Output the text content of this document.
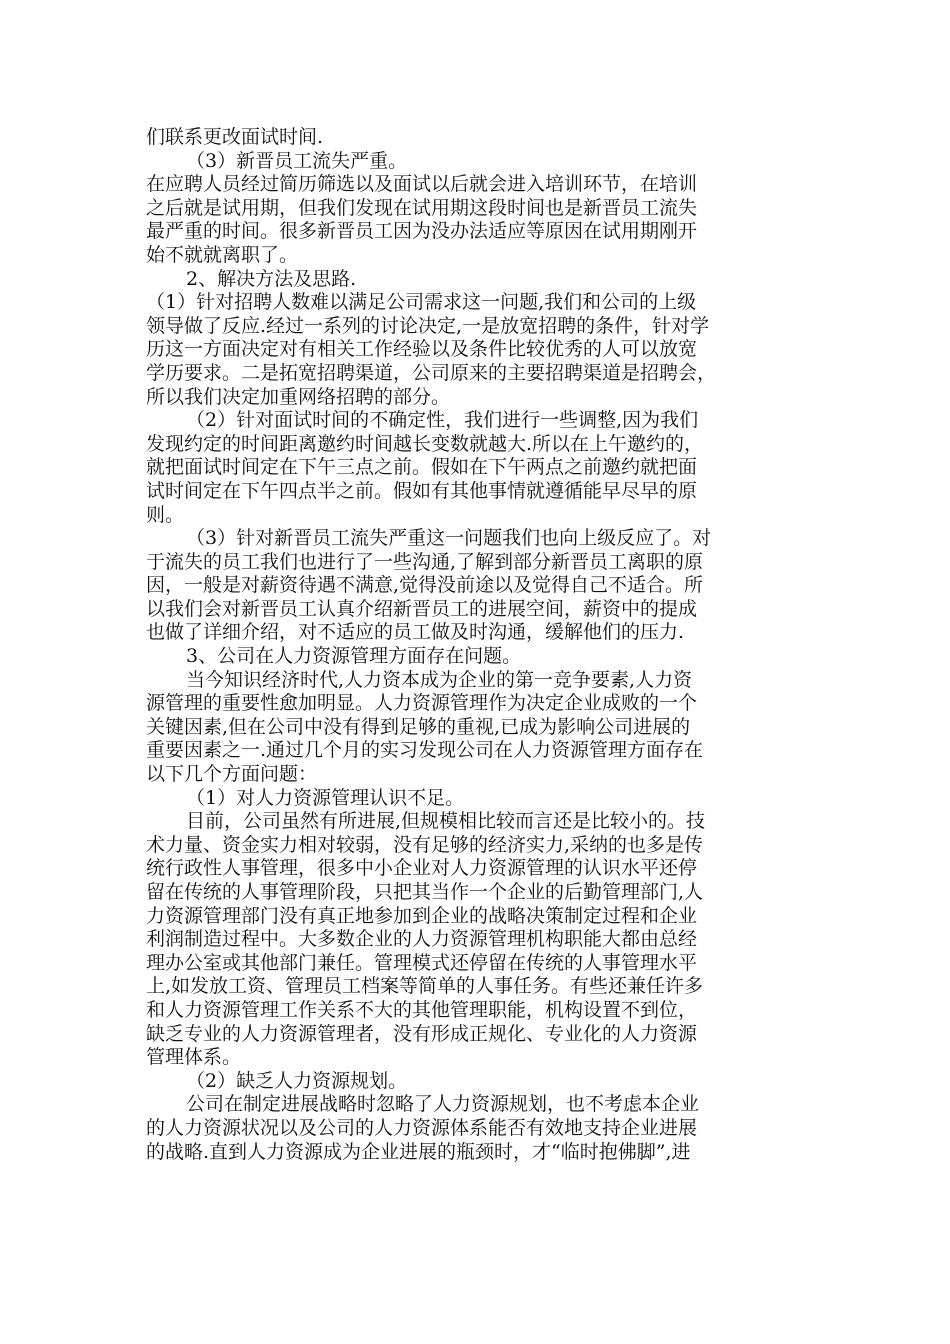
们联系更改面试时间.
（3）新晋员工流失严重。
在应聘人员经过简历筛选以及面试以后就会进入培训环节，在培训
之后就是试用期，但我们发现在试用期这段时间也是新晋员工流失
最严重的时间。很多新晋员工因为没办法适应等原因在试用期刚开
始不就就离职了。
2、解决方法及思路.
（1）针对招聘人数难以满足公司需求这一问题,我们和公司的上级
领导做了反应.经过一系列的讨论决定,一是放宽招聘的条件，针对学
历这一方面决定对有相关工作经验以及条件比较优秀的人可以放宽
学历要求。二是拓宽招聘渠道，公司原来的主要招聘渠道是招聘会，
所以我们决定加重网络招聘的部分。
（2）针对面试时间的不确定性，我们进行一些调整,因为我们
发现约定的时间距离邀约时间越长变数就越大.所以在上午邀约的，
就把面试时间定在下午三点之前。假如在下午两点之前邀约就把面
试时间定在下午四点半之前。假如有其他事情就遵循能早尽早的原
则。
（3）针对新晋员工流失严重这一问题我们也向上级反应了。对
于流失的员工我们也进行了一些沟通,了解到部分新晋员工离职的原
因，一般是对薪资待遇不满意,觉得没前途以及觉得自己不适合。所
以我们会对新晋员工认真介绍新晋员工的进展空间，薪资中的提成
也做了详细介绍，对不适应的员工做及时沟通，缓解他们的压力.
3、公司在人力资源管理方面存在问题。
当今知识经济时代,人力资本成为企业的第一竞争要素,人力资
源管理的重要性愈加明显。人力资源管理作为决定企业成败的一个
关键因素,但在公司中没有得到足够的重视,已成为影响公司进展的
重要因素之一.通过几个月的实习发现公司在人力资源管理方面存在
以下几个方面问题：
（1）对人力资源管理认识不足。
目前，公司虽然有所进展,但规模相比较而言还是比较小的。技
术力量、资金实力相对较弱，没有足够的经济实力,采纳的也多是传
统行政性人事管理，很多中小企业对人力资源管理的认识水平还停
留在传统的人事管理阶段，只把其当作一个企业的后勤管理部门,人
力资源管理部门没有真正地参加到企业的战略决策制定过程和企业
利润制造过程中。大多数企业的人力资源管理机构职能大都由总经
理办公室或其他部门兼任。管理模式还停留在传统的人事管理水平
上,如发放工资、管理员工档案等简单的人事任务。有些还兼任许多
和人力资源管理工作关系不大的其他管理职能，机构设置不到位，
缺乏专业的人力资源管理者，没有形成正规化、专业化的人力资源
管理体系。
（2）缺乏人力资源规划。
公司在制定进展战略时忽略了人力资源规划，也不考虑本企业
的人力资源状况以及公司的人力资源体系能否有效地支持企业进展
的战略.直到人力资源成为企业进展的瓶颈时，才“临时抱佛脚”,进
